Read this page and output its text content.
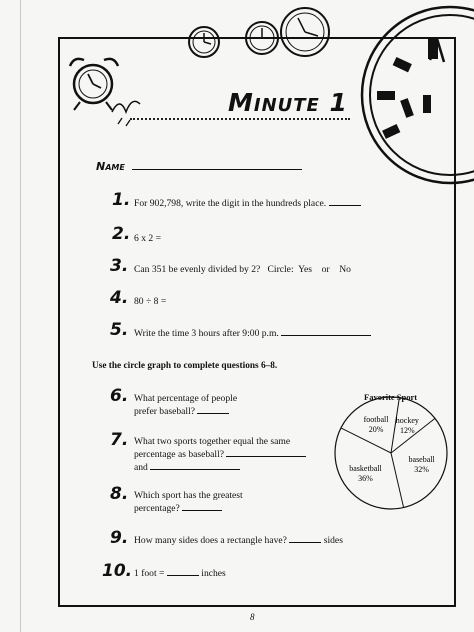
Minute 1
Name
1. For 902,798, write the digit in the hundreds place.
2. 6 x 2 =
3. Can 351 be evenly divided by 2? Circle: Yes or No
4. 80 ÷ 8 =
5. Write the time 3 hours after 9:00 p.m.
Use the circle graph to complete questions 6–8.
6. What percentage of people
prefer baseball?
7. What two sports together equal the same
percentage as baseball?
and
8. Which sport has the greatest
percentage?
9. How many sides does a rectangle have?	sides
10. 1 foot =	inches
Favorite Sport
hockey
12%
baseball
32%
basketball
36%
football
20%
8
